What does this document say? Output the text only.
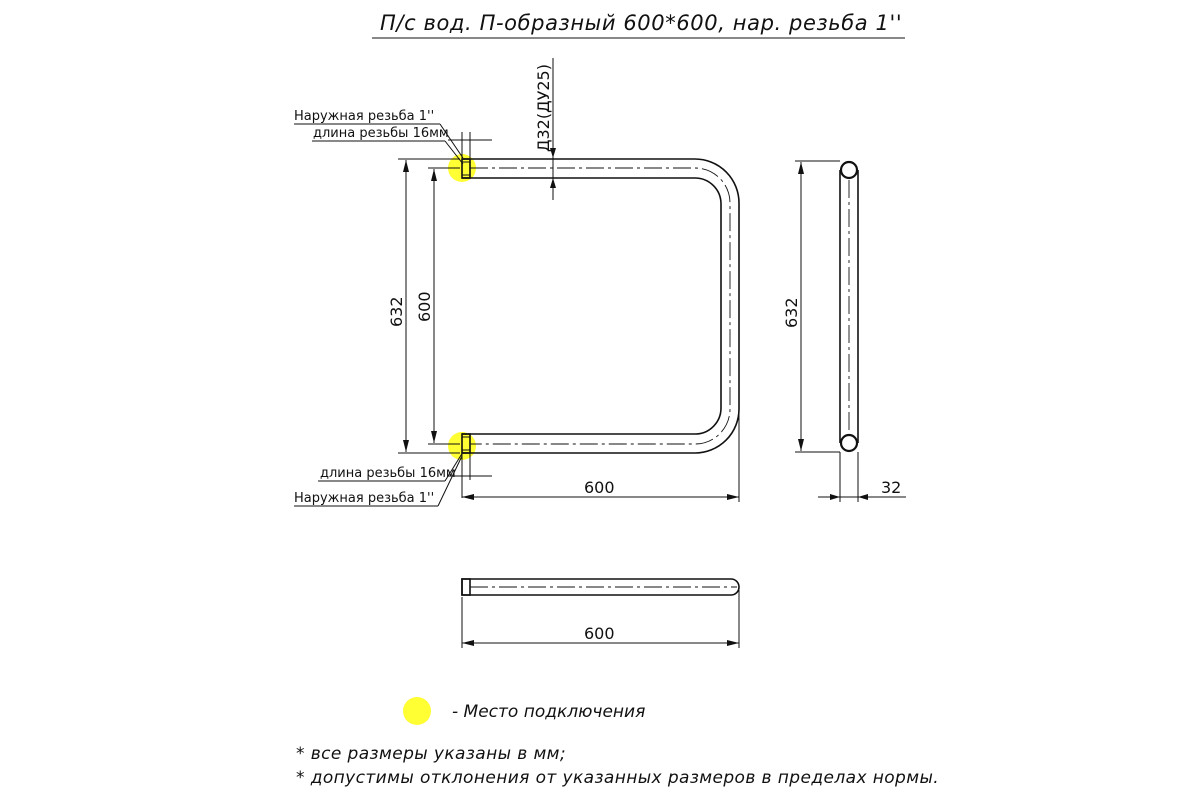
П/с вод. П-образный 600*600, нар. резьба 1''
Наружная резьба 1''
длина резьбы 16мм
длина резьбы 16мм
Наружная резьба 1''
Д32(ДУ25)
632 600
600
632
32
600
- Место подключения
* все размеры указаны в мм;
* допустимы отклонения от указанных размеров в пределах нормы.
